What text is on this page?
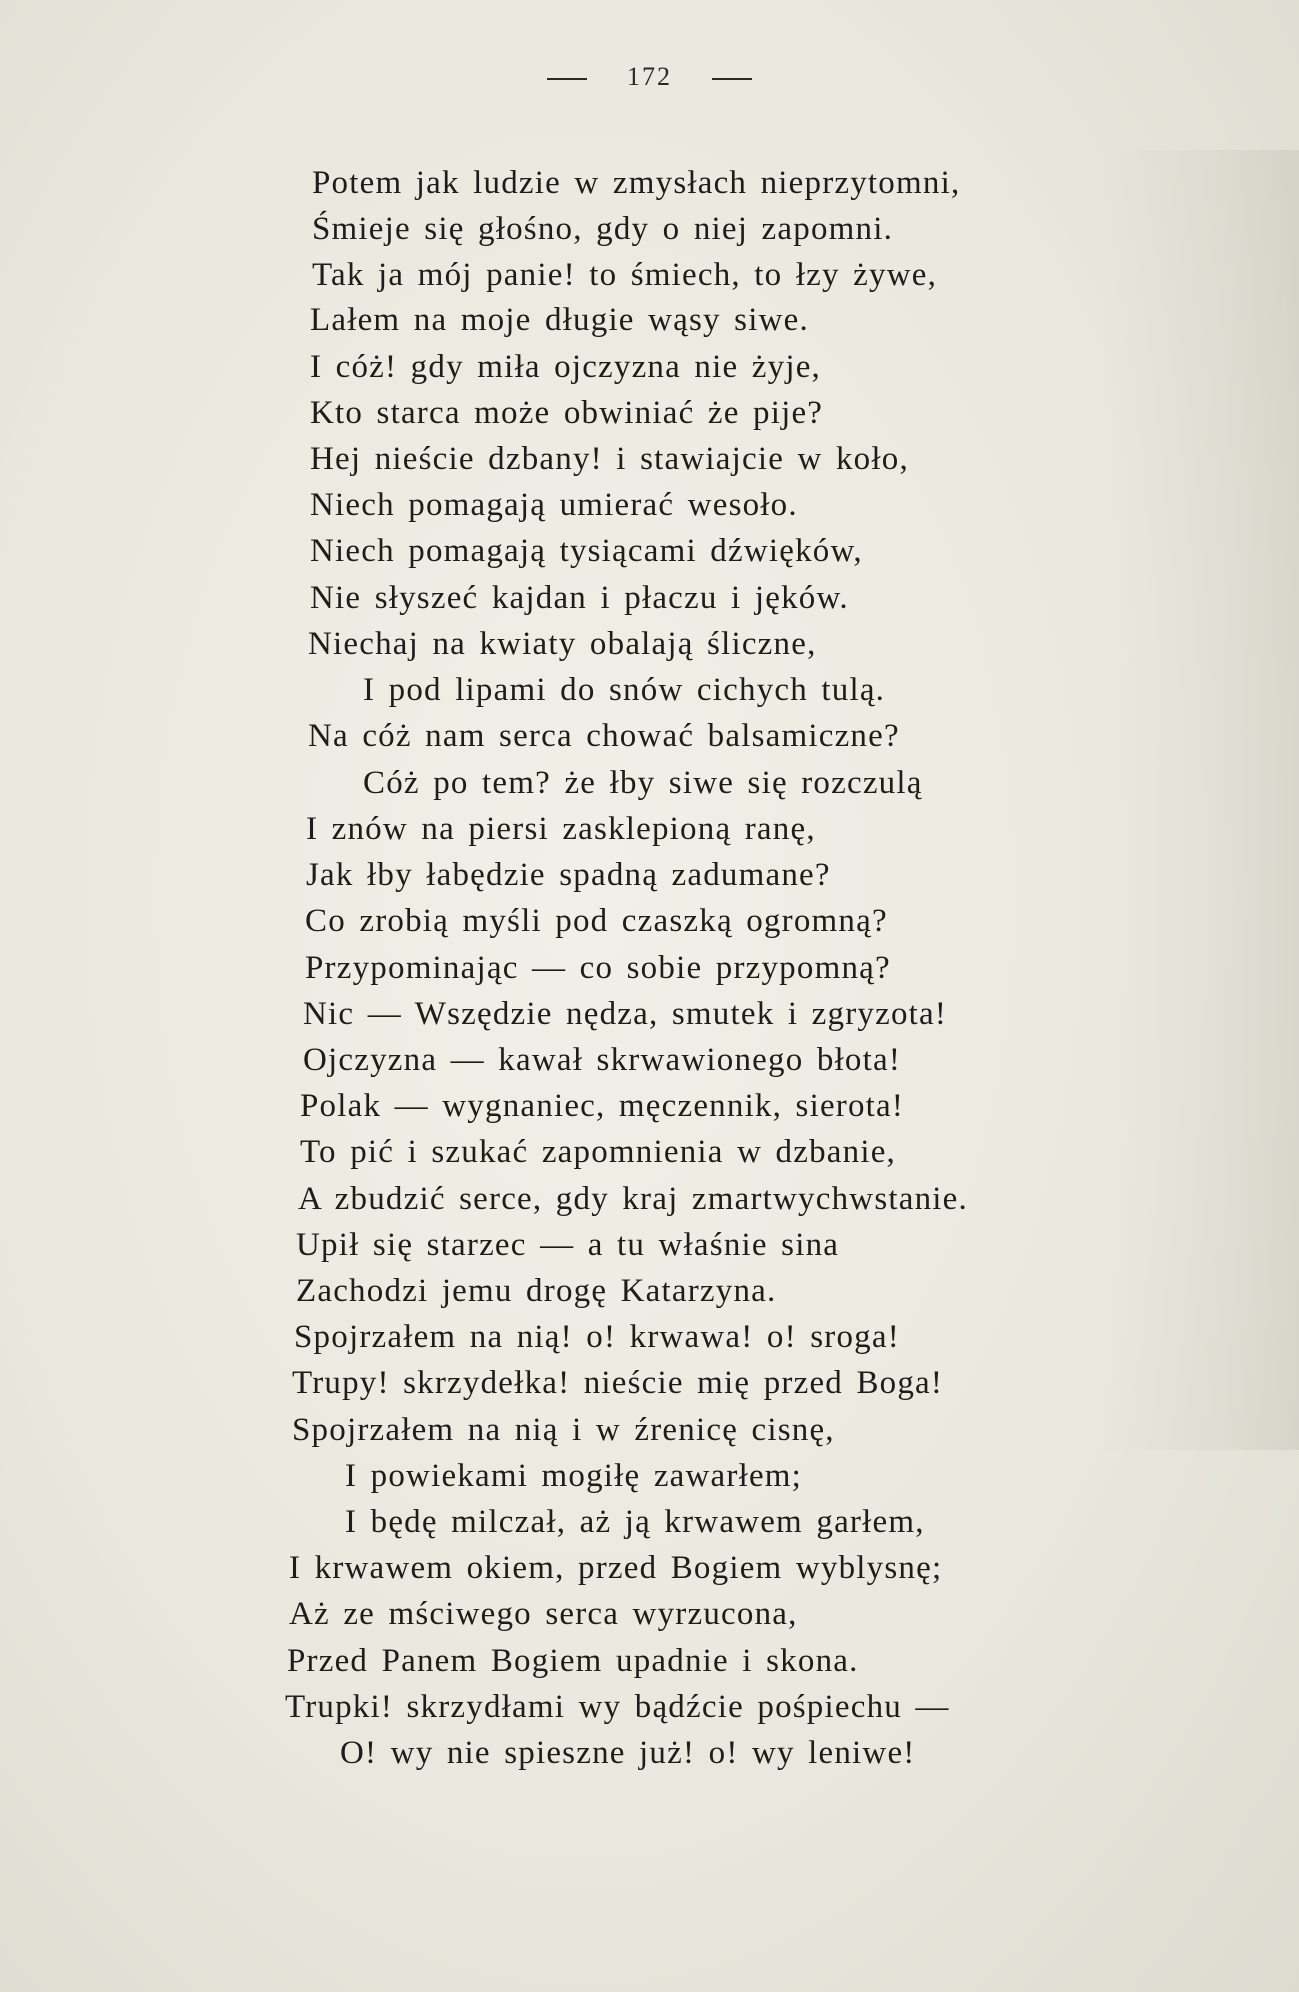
172
Potem jak ludzie w zmysłach nieprzytomni,
Śmieje się głośno, gdy o niej zapomni.
Tak ja mój panie! to śmiech, to łzy żywe,
Lałem na moje długie wąsy siwe.
I cóż! gdy miła ojczyzna nie żyje,
Kto starca może obwiniać że pije?
Hej nieście dzbany! i stawiajcie w koło,
Niech pomagają umierać wesoło.
Niech pomagają tysiącami dźwięków,
Nie słyszeć kajdan i płaczu i jęków.
Niechaj na kwiaty obalają śliczne,
I pod lipami do snów cichych tulą.
Na cóż nam serca chować balsamiczne?
Cóż po tem? że łby siwe się rozczulą
I znów na piersi zasklepioną ranę,
Jak łby łabędzie spadną zadumane?
Co zrobią myśli pod czaszką ogromną?
Przypominając — co sobie przypomną?
Nic — Wszędzie nędza, smutek i zgryzota!
Ojczyzna — kawał skrwawionego błota!
Polak — wygnaniec, męczennik, sierota!
To pić i szukać zapomnienia w dzbanie,
A zbudzić serce, gdy kraj zmartwychwstanie.
Upił się starzec — a tu właśnie sina
Zachodzi jemu drogę Katarzyna.
Spojrzałem na nią! o! krwawa! o! sroga!
Trupy! skrzydełka! nieście mię przed Boga!
Spojrzałem na nią i w źrenicę cisnę,
I powiekami mogiłę zawarłem;
I będę milczał, aż ją krwawem garłem,
I krwawem okiem, przed Bogiem wyblysnę;
Aż ze mściwego serca wyrzucona,
Przed Panem Bogiem upadnie i skona.
Trupki! skrzydłami wy bądźcie pośpiechu —
O! wy nie spieszne już! o! wy leniwe!
